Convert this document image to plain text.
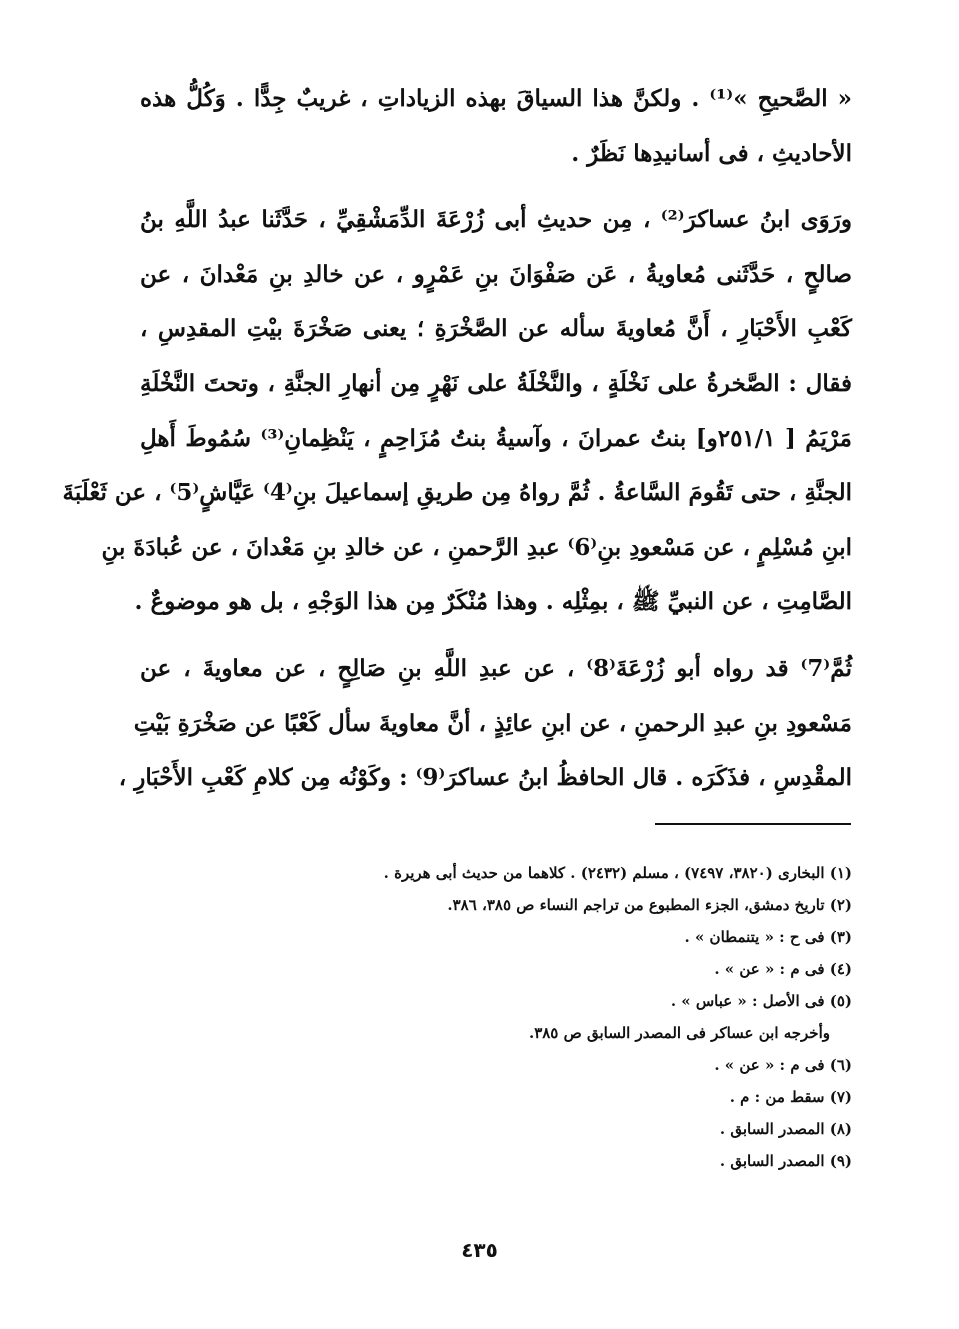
« الصَّحيحِ »⁽¹⁾ . ولكنَّ هذا السياقَ بهذه الزياداتِ ، غريبٌ جِدًّا . وَكُلُّ هذه
الأحاديثِ ، فى أسانيدِها نَظَرٌ .
ورَوَى ابنُ عساكرَ⁽²⁾ ، مِن حديثِ أبى زُرْعَةَ الدِّمَشْقِيِّ ، حَدَّثَنا عبدُ اللَّهِ بنُ
صالحٍ ، حَدَّثَنى مُعاويةُ ، عَن صَفْوَانَ بنِ عَمْرٍو ، عن خالدِ بنِ مَعْدانَ ، عن
كَعْبِ الأَحْبَارِ ، أَنَّ مُعاويةَ سأله عن الصَّخْرَةِ ؛ يعنى صَخْرَةَ بيْتِ المقدِسِ ،
فقال : الصَّخرةُ على نَخْلَةٍ ، والنَّخْلَةُ على نَهْرٍ مِن أنهارِ الجنَّةِ ، وتحتَ النَّخْلَةِ
مَرْيَمُ [ ٢٥١/١و] بنتُ عمرانَ ، وآسيةُ بنتُ مُزَاحِمٍ ، يَنْظِمانِ⁽³⁾ سُمُوطَ أَهلِ
الجنَّةِ ، حتى تَقُومَ السَّاعةُ . ثُمَّ رواهُ مِن طريقِ إسماعيلَ بنِ⁽4⁾ عَيَّاشٍ⁽5⁾ ، عن ثَعْلَبَةَ
ابنِ مُسْلِمٍ ، عن مَسْعودِ بنِ⁽6⁾ عبدِ الرَّحمنِ ، عن خالدِ بنِ مَعْدانَ ، عن عُبادَةَ بنِ
الصَّامِتِ ، عن النبيِّ ﷺ ، بمِثْلِه . وهذا مُنْكَرٌ مِن هذا الوَجْهِ ، بل هو موضوعٌ .
ثُمَّ⁽7⁾ قد رواه أبو زُرْعَةَ⁽8⁾ ، عن عبدِ اللَّهِ بنِ صَالِحٍ ، عن معاويةَ ، عن
مَسْعودِ بنِ عبدِ الرحمنِ ، عن ابنِ عائِذٍ ، أنَّ معاويةَ سأل كَعْبًا عن صَخْرَةِ بَيْتِ
المقْدِسِ ، فذَكَرَه . قال الحافظُ ابنُ عساكرَ⁽9⁾ : وكَوْنُه مِن كلامِ كَعْبِ الأَحْبَارِ ،
(١) البخارى (٣٨٢٠، ٧٤٩٧) ، مسلم (٢٤٣٢) . كلاهما من حديث أبى هريرة .
(٢) تاريخ دمشق، الجزء المطبوع من تراجم النساء ص ٣٨٥، ٣٨٦.
(٣) فى ح : « يتنمطان » .
(٤) فى م : « عن » .
(٥) فى الأصل : « عباس » .
وأخرجه ابن عساكر فى المصدر السابق ص ٣٨٥.
(٦) فى م : « عن » .
(٧) سقط من : م .
(٨) المصدر السابق .
(٩) المصدر السابق .
٤٣٥
